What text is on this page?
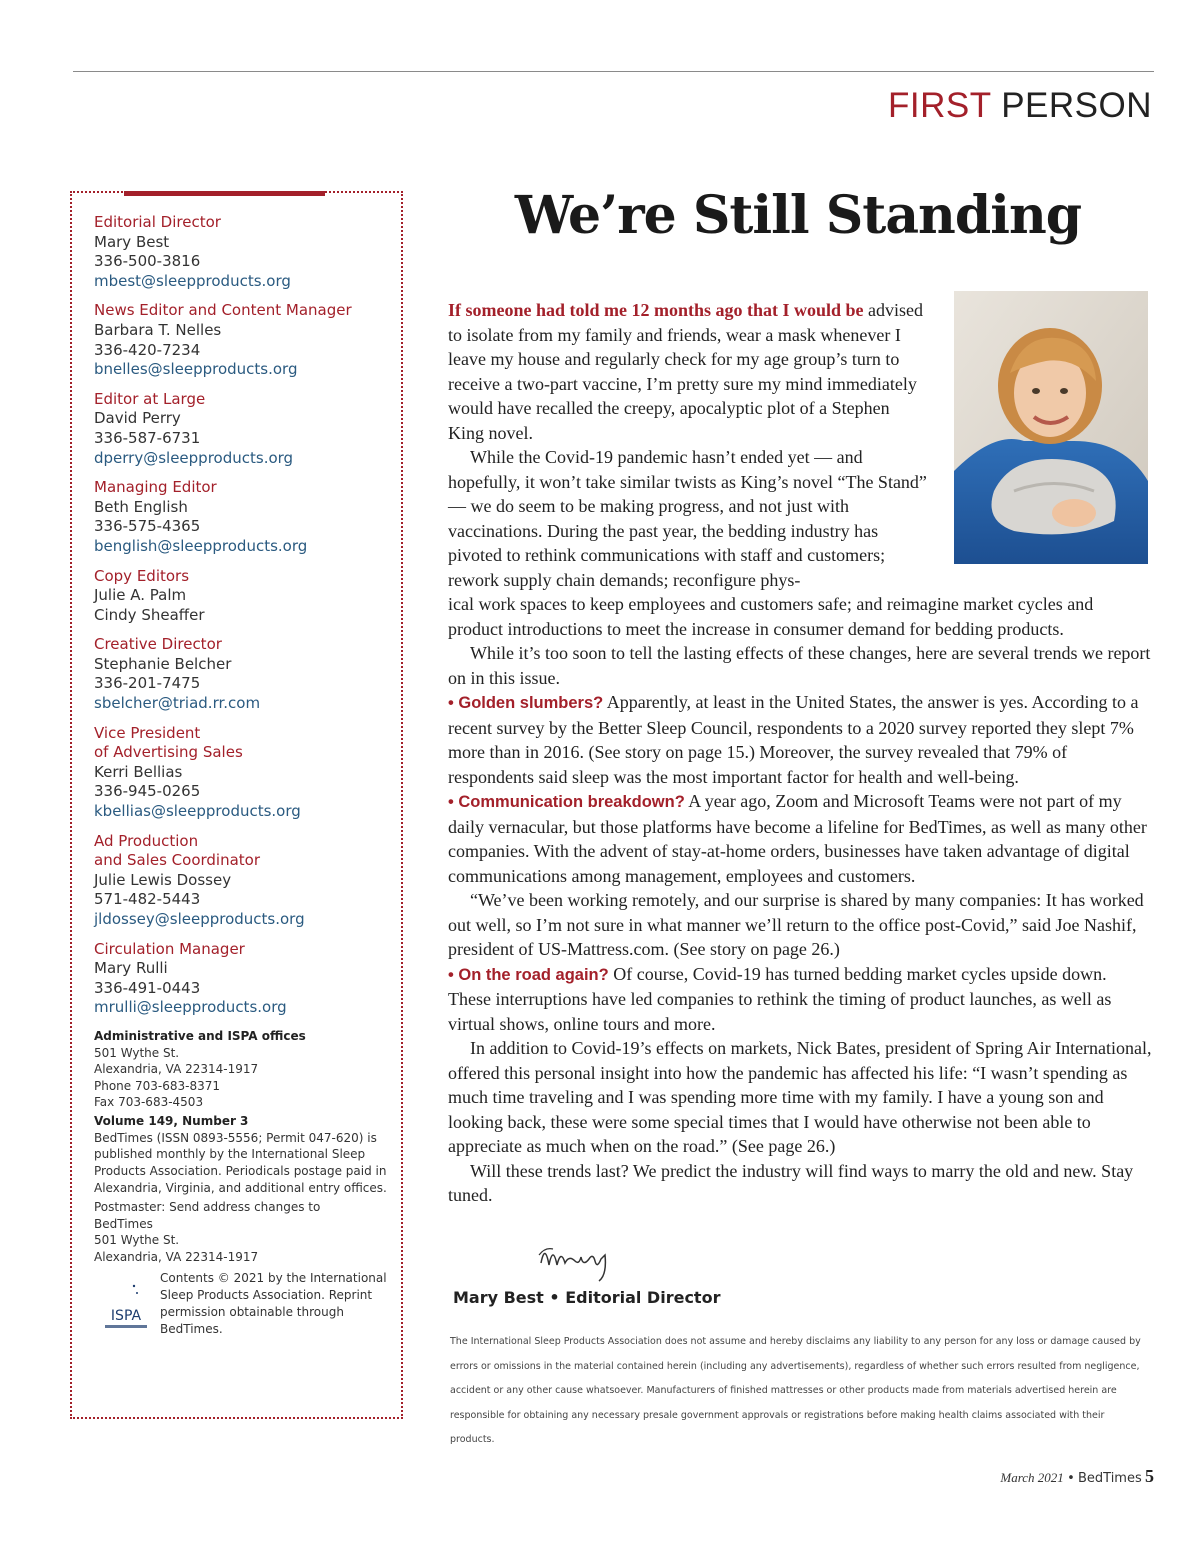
FIRST PERSON
Editorial Director
Mary Best
336-500-3816
mbest@sleepproducts.org
News Editor and Content Manager
Barbara T. Nelles
336-420-7234
bnelles@sleepproducts.org
Editor at Large
David Perry
336-587-6731
dperry@sleepproducts.org
Managing Editor
Beth English
336-575-4365
benglish@sleepproducts.org
Copy Editors
Julie A. Palm
Cindy Sheaffer
Creative Director
Stephanie Belcher
336-201-7475
sbelcher@triad.rr.com
Vice President
of Advertising Sales
Kerri Bellias
336-945-0265
kbellias@sleepproducts.org
Ad Production
and Sales Coordinator
Julie Lewis Dossey
571-482-5443
jldossey@sleepproducts.org
Circulation Manager
Mary Rulli
336-491-0443
mrulli@sleepproducts.org
Administrative and ISPA offices
501 Wythe St.
Alexandria, VA 22314-1917
Phone 703-683-8371
Fax 703-683-4503
Volume 149, Number 3
BedTimes (ISSN 0893-5556; Permit 047-620) is published monthly by the International Sleep Products Association. Periodicals postage paid in Alexandria, Virginia, and additional entry offices.
Postmaster: Send address changes to
BedTimes
501 Wythe St.
Alexandria, VA 22314-1917
ISPA
Contents © 2021 by the International Sleep Products Association. Reprint permission obtainable through BedTimes.
We’re Still Standing

If someone had told me 12 months ago that I would be advised to isolate from my family and friends, wear a mask whenever I leave my house and regularly check for my age group’s turn to receive a two-part vaccine, I’m pretty sure my mind immediately would have recalled the creepy, apocalyptic plot of a Stephen King novel.

While the Covid-19 pandemic hasn’t ended yet — and hopefully, it won’t take similar twists as King’s novel “The Stand” — we do seem to be making progress, and not just with vaccinations. During the past year, the bedding industry has pivoted to rethink communications with staff and customers; rework supply chain demands; reconfigure phys-

ical work spaces to keep employees and customers safe; and reimagine market cycles and product introductions to meet the increase in consumer demand for bedding products.

While it’s too soon to tell the lasting effects of these changes, here are several trends we report on in this issue.

• Golden slumbers? Apparently, at least in the United States, the answer is yes. According to a recent survey by the Better Sleep Council, respondents to a 2020 survey reported they slept 7% more than in 2016. (See story on page 15.) Moreover, the survey revealed that 79% of respondents said sleep was the most important factor for health and well-being.

• Communication breakdown? A year ago, Zoom and Microsoft Teams were not part of my daily vernacular, but those platforms have become a lifeline for BedTimes, as well as many other companies. With the advent of stay-at-home orders, businesses have taken advantage of digital communications among management, employees and customers.

“We’ve been working remotely, and our surprise is shared by many companies: It has worked out well, so I’m not sure in what manner we’ll return to the office post-Covid,” said Joe Nashif, president of US-Mattress.com. (See story on page 26.)

• On the road again? Of course, Covid-19 has turned bedding market cycles upside down. These interruptions have led companies to rethink the timing of product launches, as well as virtual shows, online tours and more.

In addition to Covid-19’s effects on markets, Nick Bates, president of Spring Air International, offered this personal insight into how the pandemic has affected his life: “I wasn’t spending as much time traveling and I was spending more time with my family. I have a young son and looking back, these were some special times that I would have otherwise not been able to appreciate as much when on the road.” (See page 26.)

Will these trends last? We predict the industry will find ways to marry the old and new. Stay tuned.

Mary Best • Editorial Director
The International Sleep Products Association does not assume and hereby disclaims any liability to any person for any loss or damage caused by errors or omissions in the material contained herein (including any advertisements), regardless of whether such errors resulted from negligence, accident or any other cause whatsoever. Manufacturers of finished mattresses or other products made from materials advertised herein are responsible for obtaining any necessary presale government approvals or registrations before making health claims associated with their products.
March 2021 • BedTimes 5
